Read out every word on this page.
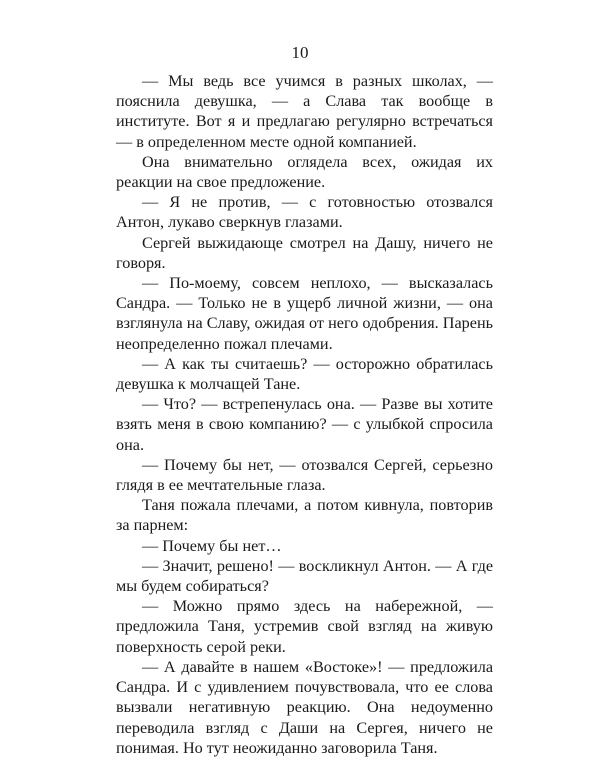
10

— Мы ведь все учимся в разных школах, — пояснила девушка, — а Слава так вообще в институте. Вот я и предлагаю регулярно встречаться — в определенном месте одной компанией.

Она внимательно оглядела всех, ожидая их реакции на свое предложение.

— Я не против, — с готовностью отозвался Антон, лукаво сверкнув глазами.

Сергей выжидающе смотрел на Дашу, ничего не говоря.

— По-моему, совсем неплохо, — высказалась Сандра. — Только не в ущерб личной жизни, — она взглянула на Славу, ожидая от него одобрения. Парень неопределенно пожал плечами.

— А как ты считаешь? — осторожно обратилась девушка к молчащей Тане.

— Что? — встрепенулась она. — Разве вы хотите взять меня в свою компанию? — с улыбкой спросила она.

— Почему бы нет, — отозвался Сергей, серьезно глядя в ее мечтательные глаза.

Таня пожала плечами, а потом кивнула, повторив за парнем:

— Почему бы нет…

— Значит, решено! — воскликнул Антон. — А где мы будем собираться?

— Можно прямо здесь на набережной, — предложила Таня, устремив свой взгляд на живую поверхность серой реки.

— А давайте в нашем «Востоке»! — предложила Сандра. И с удивлением почувствовала, что ее слова вызвали негативную реакцию. Она недоуменно переводила взгляд с Даши на Сергея, ничего не понимая. Но тут неожиданно заговорила Таня.
